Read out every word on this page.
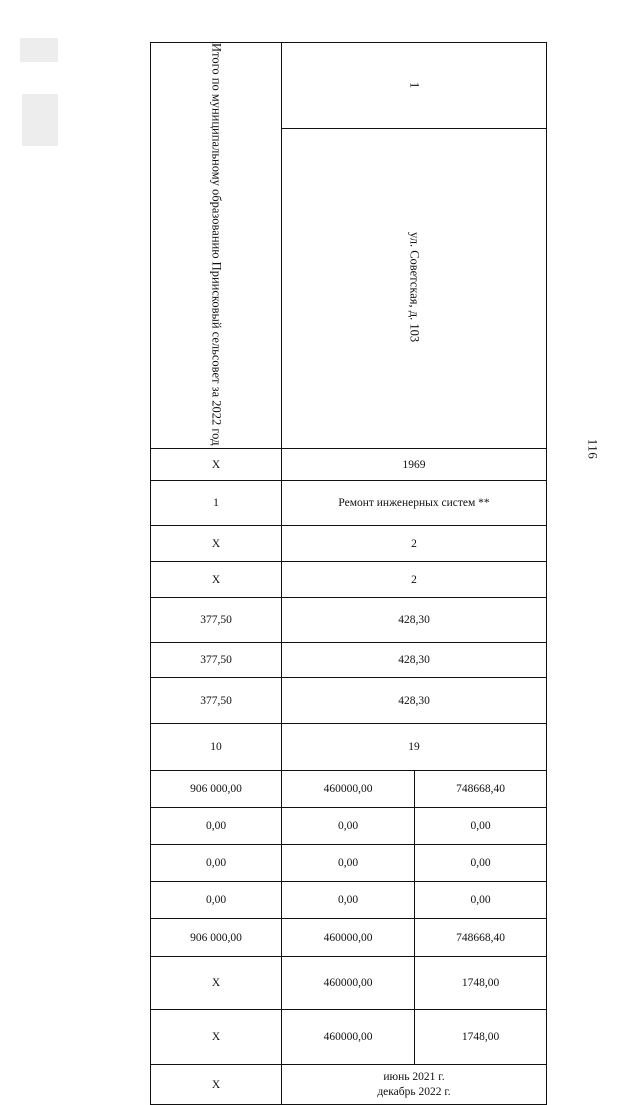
116
Итого по муниципальному образованию Приисковый сельсовет за 2022 год	1	
	ул. Советская, д. 103	
X	1969	
1	Ремонт инженерных систем **	
X	2	
X	2	
377,50	428,30	
377,50	428,30	
377,50	428,30	
10	19	
906 000,00	460000,00	748668,40
0,00	0,00	0,00
0,00	0,00	0,00
0,00	0,00	0,00
906 000,00	460000,00	748668,40
X	460000,00	1748,00
X	460000,00	1748,00
X	июнь 2021 г.
декабрь 2022 г.	
